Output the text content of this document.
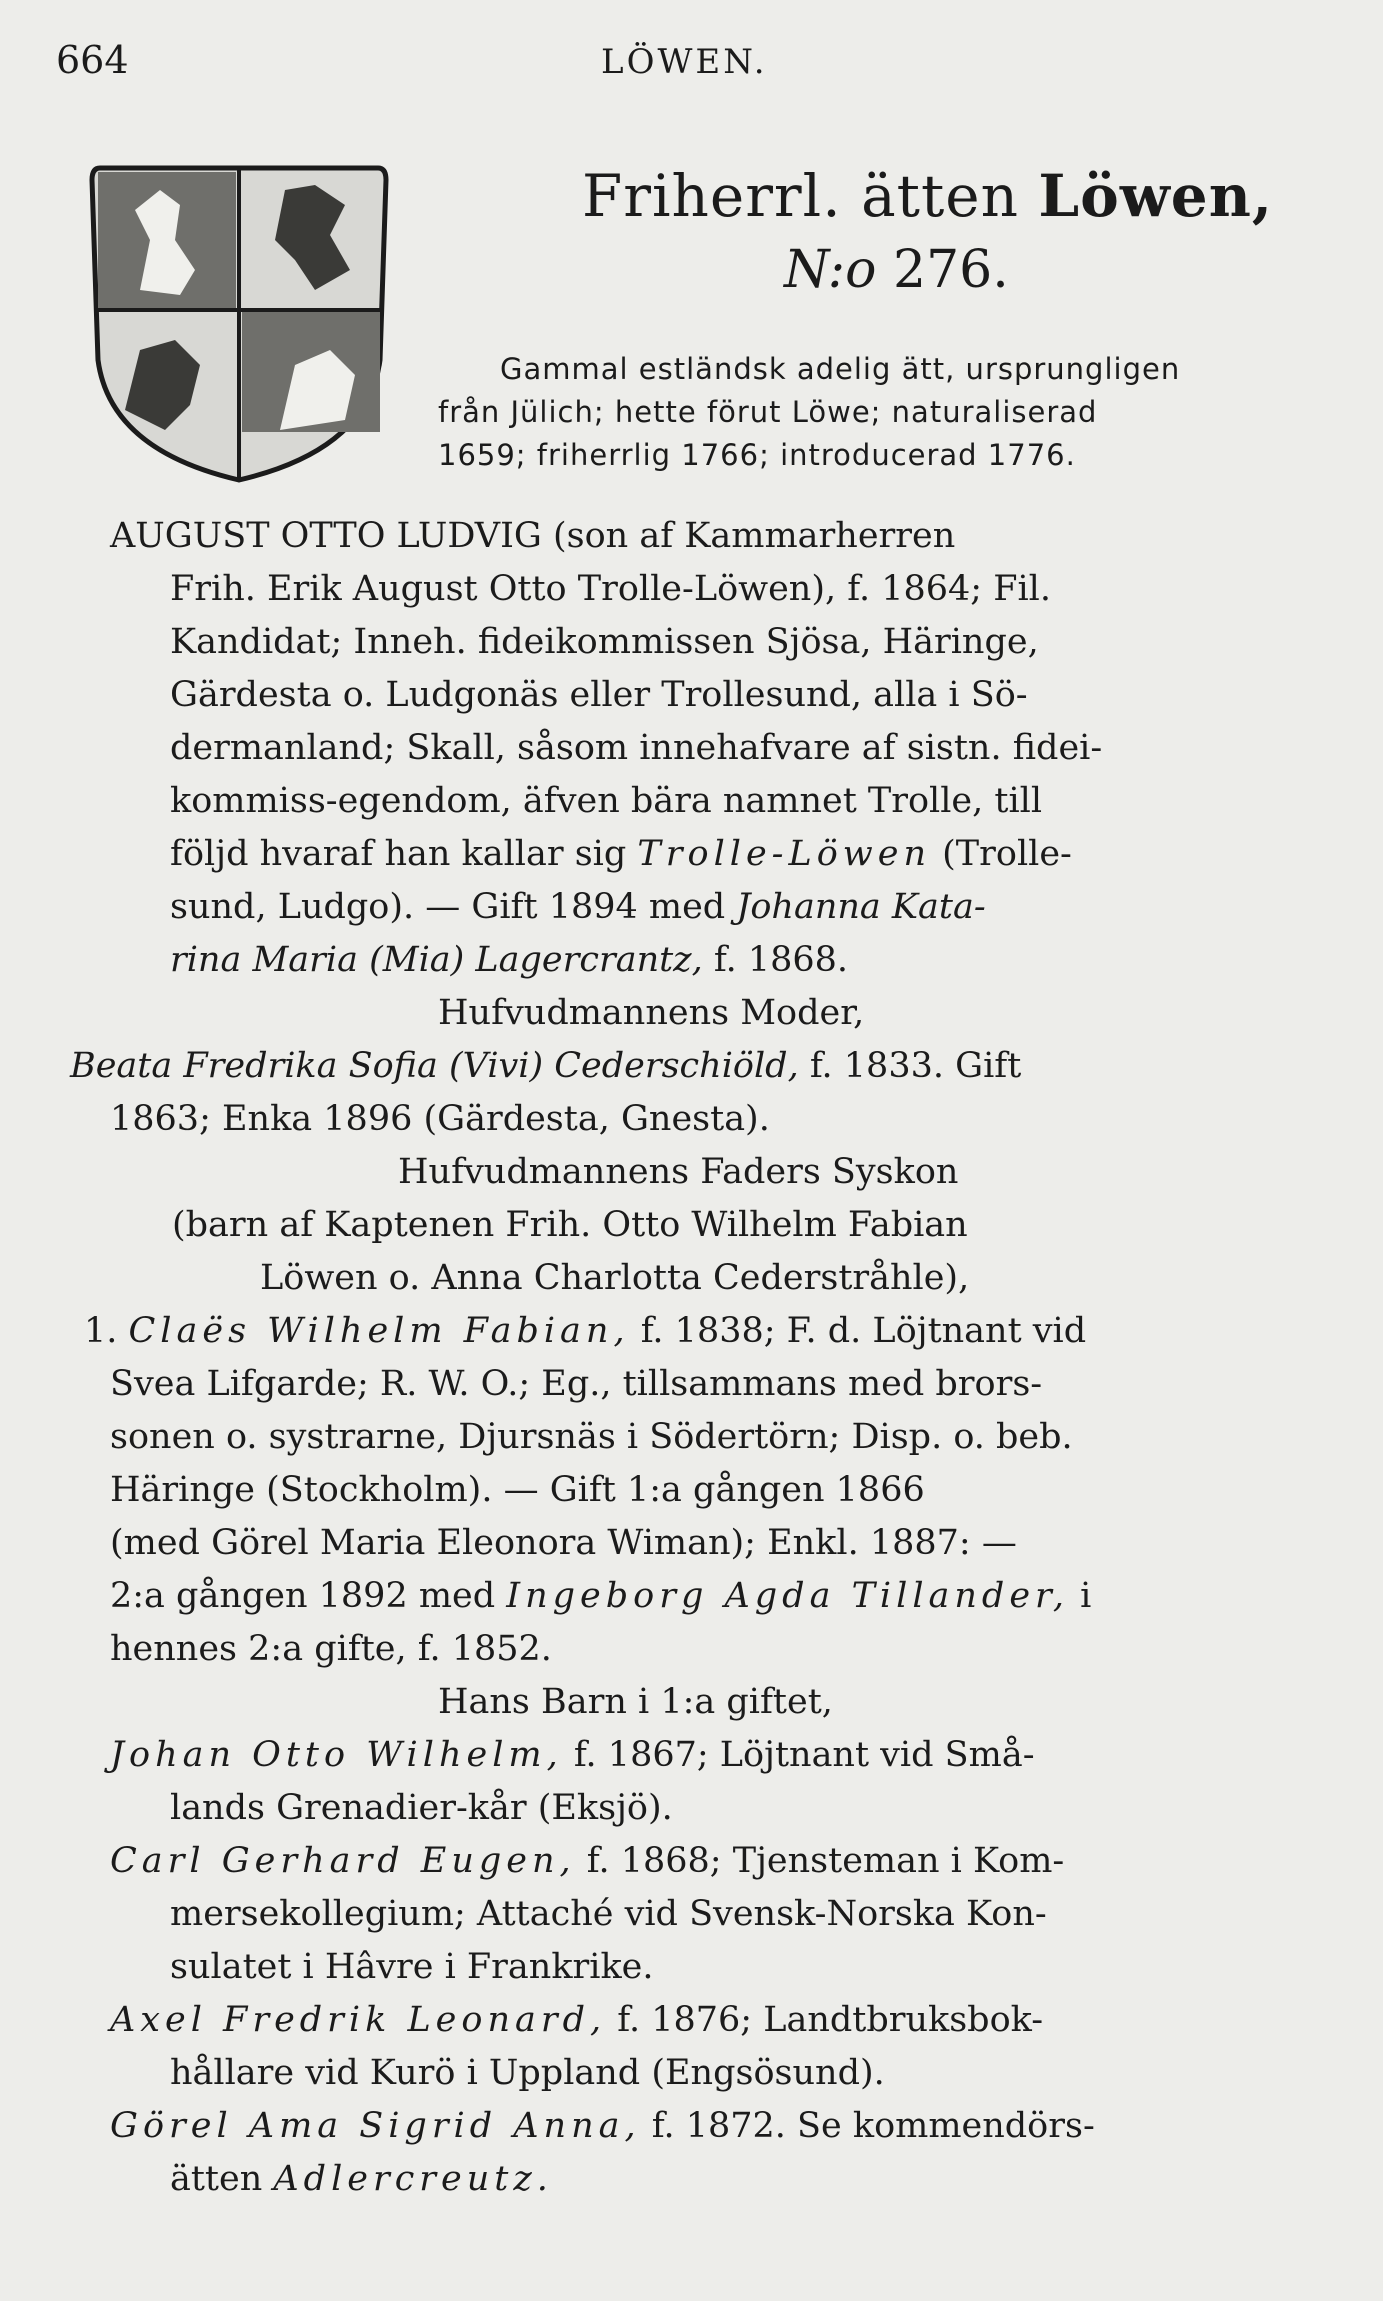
664	LÖWEN.
Friherrl. ätten Löwen,
N:o 276.
Gammal estländsk adelig ätt, ursprungligen
från Jülich; hette förut Löwe; naturaliserad
1659; friherrlig 1766; introducerad 1776.
AUGUST OTTO LUDVIG (son af Kammarherren
Frih. Erik August Otto Trolle-Löwen), f. 1864; Fil.
Kandidat; Inneh. fideikommissen Sjösa, Häringe,
Gärdesta o. Ludgonäs eller Trollesund, alla i Sö-
dermanland; Skall, såsom innehafvare af sistn. fidei-
kommiss-egendom, äfven bära namnet Trolle, till
följd hvaraf han kallar sig Trolle-Löwen (Trolle-
sund, Ludgo). — Gift 1894 med Johanna Kata-
rina Maria (Mia) Lagercrantz, f. 1868.
Hufvudmannens Moder,
Beata Fredrika Sofia (Vivi) Cederschiöld, f. 1833. Gift
1863; Enka 1896 (Gärdesta, Gnesta).
Hufvudmannens Faders Syskon
(barn af Kaptenen Frih. Otto Wilhelm Fabian
Löwen o. Anna Charlotta Cederstråhle),
1. Claës Wilhelm Fabian, f. 1838; F. d. Löjtnant vid
Svea Lifgarde; R. W. O.; Eg., tillsammans med brors-
sonen o. systrarne, Djursnäs i Södertörn; Disp. o. beb.
Häringe (Stockholm). — Gift 1:a gången 1866
(med Görel Maria Eleonora Wiman); Enkl. 1887: —
2:a gången 1892 med Ingeborg Agda Tillander, i
hennes 2:a gifte, f. 1852.
Hans Barn i 1:a giftet,
Johan Otto Wilhelm, f. 1867; Löjtnant vid Små-
lands Grenadier-kår (Eksjö).
Carl Gerhard Eugen, f. 1868; Tjensteman i Kom-
mersekollegium; Attaché vid Svensk-Norska Kon-
sulatet i Hâvre i Frankrike.
Axel Fredrik Leonard, f. 1876; Landtbruksbok-
hållare vid Kurö i Uppland (Engsösund).
Görel Ama Sigrid Anna, f. 1872. Se kommendörs-
ätten Adlercreutz.
